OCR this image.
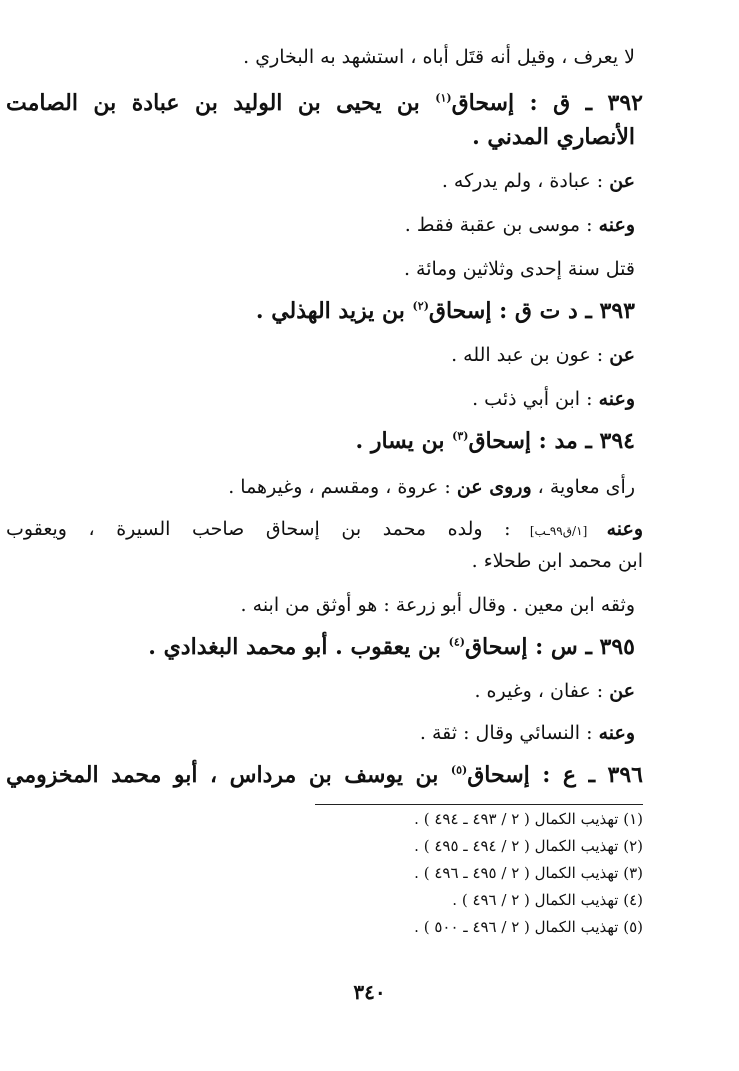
لا يعرف ، وقيل أنه قتَل أباه ، استشهد به البخاري .
٣٩٢ ـ ق : إسحاق$^{(١)}$ بن يحيى بن الوليد بن عبادة بن الصامت
الأنصاري المدني .
عن : عبادة ، ولم يدركه .
وعنه : موسى بن عقبة فقط .
قتل سنة إحدى وثلاثين ومائة .
٣٩٣ ـ د ت ق : إسحاق$^{(٢)}$ بن يزيد الهذلي .
عن : عون بن عبد الله .
وعنه : ابن أبي ذئب .
٣٩٤ ـ مد : إسحاق$^{(٣)}$ بن يسار .
رأى معاوية ، وروى عن : عروة ، ومقسم ، وغيرهما .
وعنه [١/ق٩٩ـب] : ولده محمد بن إسحاق صاحب السيرة ، ويعقوب
ابن محمد ابن طحلاء .
وثقه ابن معين . وقال أبو زرعة : هو أوثق من ابنه .
٣٩٥ ـ س : إسحاق$^{(٤)}$ بن يعقوب . أبو محمد البغدادي .
عن : عفان ، وغيره .
وعنه : النسائي وقال : ثقة .
٣٩٦ ـ ع : إسحاق$^{(٥)}$ بن يوسف بن مرداس ، أبو محمد المخزومي
(١) تهذيب الكمال ( ٢ / ٤٩٣ ـ ٤٩٤ ) .
(٢) تهذيب الكمال ( ٢ / ٤٩٤ ـ ٤٩٥ ) .
(٣) تهذيب الكمال ( ٢ / ٤٩٥ ـ ٤٩٦ ) .
(٤) تهذيب الكمال ( ٢ / ٤٩٦ ) .
(٥) تهذيب الكمال ( ٢ / ٤٩٦ ـ ٥٠٠ ) .
٣٤٠
